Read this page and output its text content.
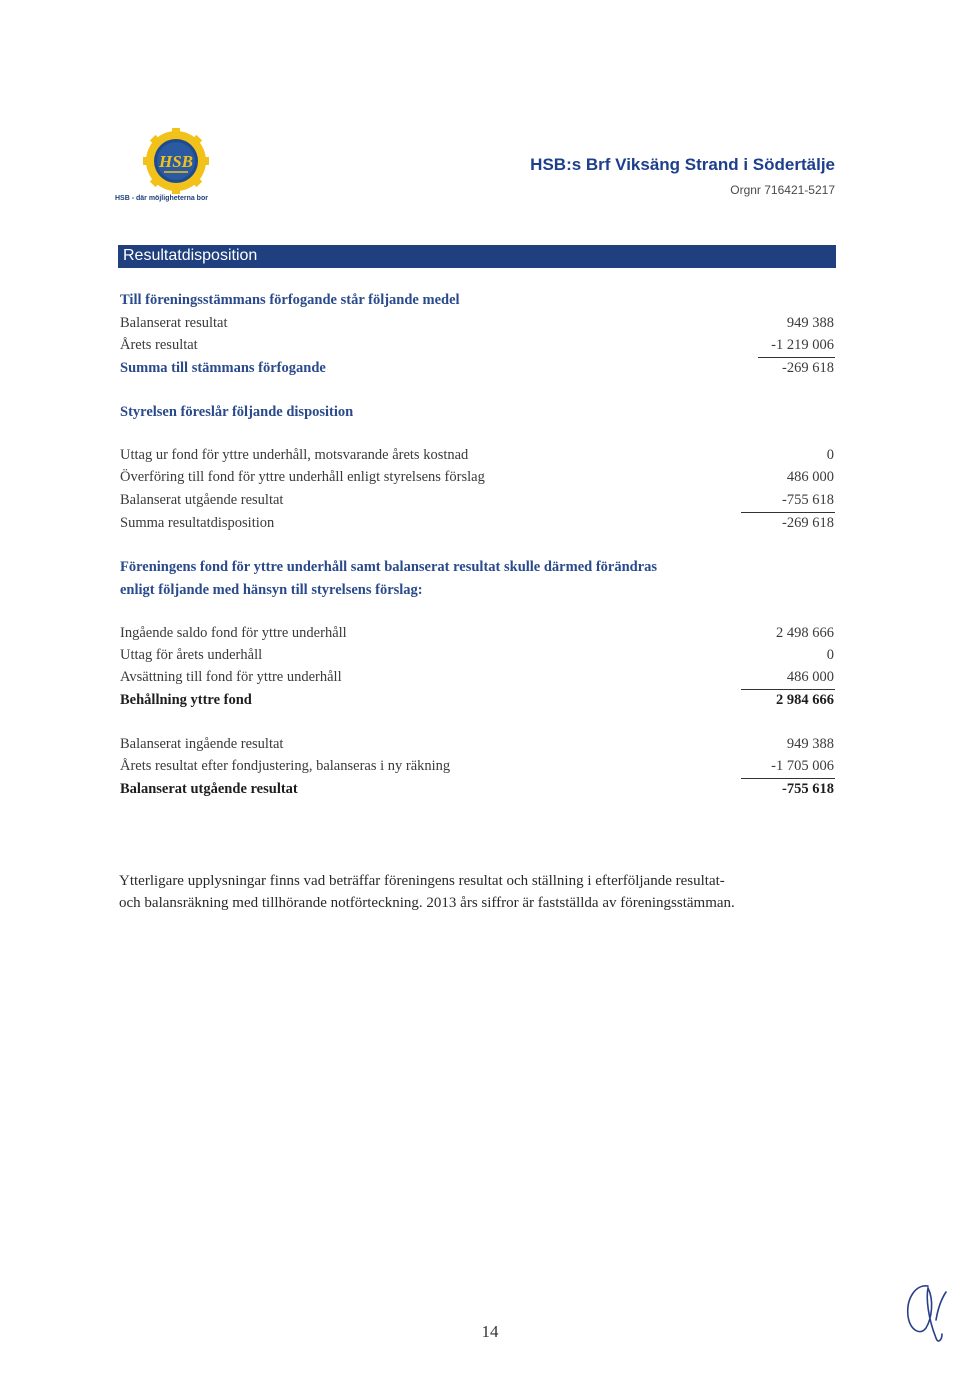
HSB
HSB - där möjligheterna bor
HSB:s Brf Viksäng Strand i Södertälje
Orgnr 716421-5217
Resultatdisposition
Till föreningsstämmans förfogande står följande medel
Balanserat resultat	949 388
Årets resultat	-1 219 006
Summa till stämmans förfogande	-269 618
Styrelsen föreslår följande disposition
Uttag ur fond för yttre underhåll, motsvarande årets kostnad	0
Överföring till fond för yttre underhåll enligt styrelsens förslag	486 000
Balanserat utgående resultat	-755 618
Summa resultatdisposition	-269 618
Föreningens fond för yttre underhåll samt balanserat resultat skulle därmed förändras
enligt följande med hänsyn till styrelsens förslag:
Ingående saldo fond för yttre underhåll	2 498 666
Uttag för årets underhåll	0
Avsättning till fond för yttre underhåll	486 000
Behållning yttre fond	2 984 666
Balanserat ingående resultat	949 388
Årets resultat efter fondjustering, balanseras i ny räkning	-1 705 006
Balanserat utgående resultat	-755 618
Ytterligare upplysningar finns vad beträffar föreningens resultat och ställning i efterföljande resultat-
och balansräkning med tillhörande notförteckning. 2013 års siffror är fastställda av föreningsstämman.
14
